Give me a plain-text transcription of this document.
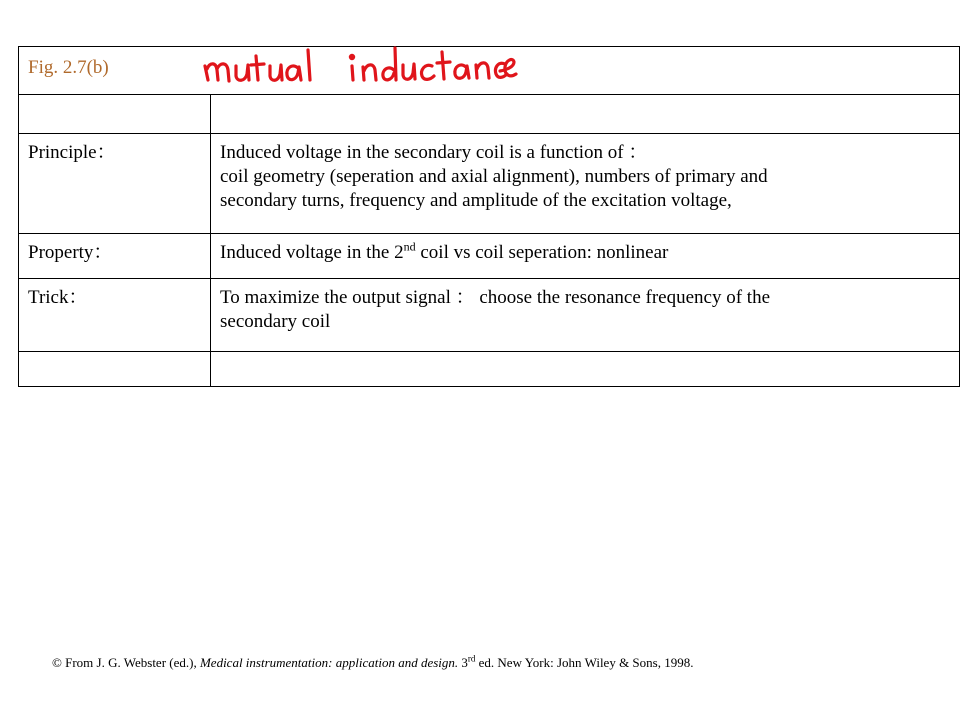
Fig. 2.7(b)	

Principle：	Induced voltage in the secondary coil is a function of ：
coil geometry (seperation and axial alignment), numbers of primary and
secondary turns, frequency and amplitude of the excitation voltage,

Property：	Induced voltage in the 2nd coil vs coil seperation: nonlinear
Trick：	To maximize the output signal ： choose the resonance frequency of the
secondary coil

© From J. G. Webster (ed.), Medical instrumentation: application and design. 3rd ed. New York: John Wiley & Sons, 1998.
